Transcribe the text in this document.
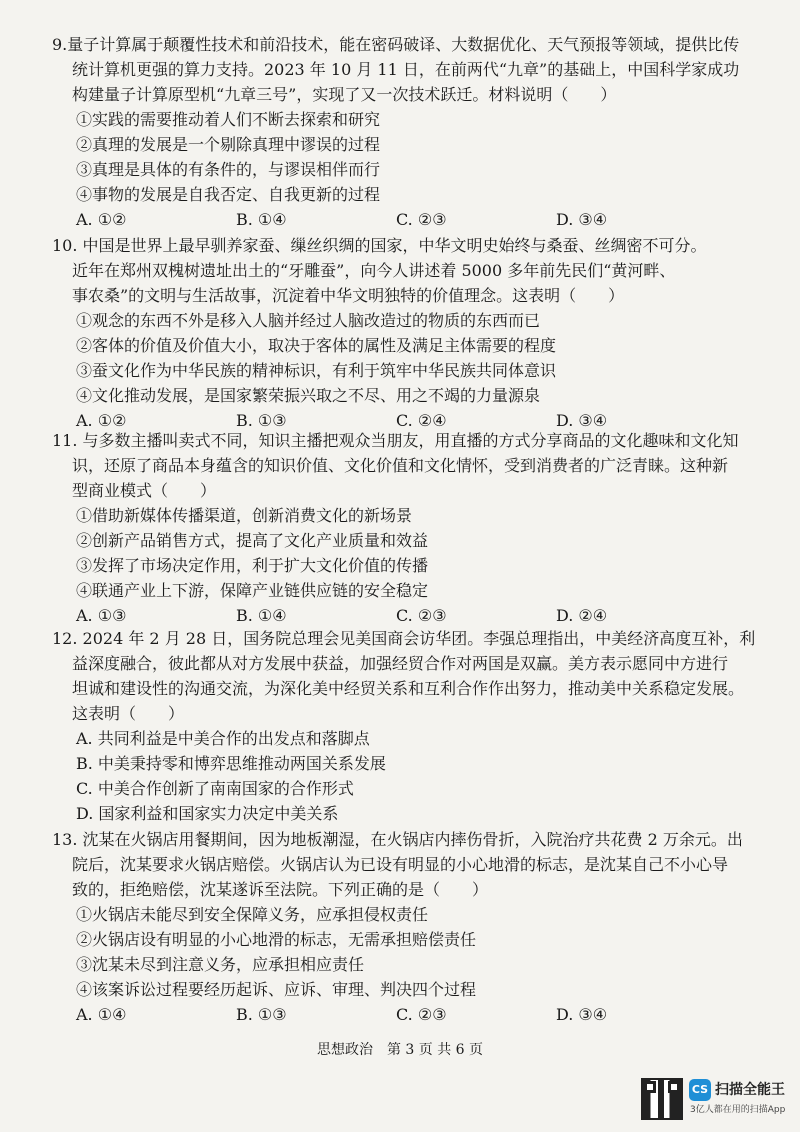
9.量子计算属于颠覆性技术和前沿技术，能在密码破译、大数据优化、天气预报等领域，提供比传
统计算机更强的算力支持。2023 年 10 月 11 日，在前两代“九章”的基础上，中国科学家成功
构建量子计算原型机“九章三号”，实现了又一次技术跃迁。材料说明（　　）
①实践的需要推动着人们不断去探索和研究
②真理的发展是一个剔除真理中谬误的过程
③真理是具体的有条件的，与谬误相伴而行
④事物的发展是自我否定、自我更新的过程
A. ①②	B. ①④	C. ②③	D. ③④
10. 中国是世界上最早驯养家蚕、缫丝织绸的国家，中华文明史始终与桑蚕、丝绸密不可分。
近年在郑州双槐树遗址出土的“牙雕蚕”，向今人讲述着 5000 多年前先民们“黄河畔、
事农桑”的文明与生活故事，沉淀着中华文明独特的价值理念。这表明（　　）
①观念的东西不外是移入人脑并经过人脑改造过的物质的东西而已
②客体的价值及价值大小，取决于客体的属性及满足主体需要的程度
③蚕文化作为中华民族的精神标识，有利于筑牢中华民族共同体意识
④文化推动发展，是国家繁荣振兴取之不尽、用之不竭的力量源泉
A. ①②	B. ①③	C. ②④	D. ③④
11. 与多数主播叫卖式不同，知识主播把观众当朋友，用直播的方式分享商品的文化趣味和文化知
识，还原了商品本身蕴含的知识价值、文化价值和文化情怀，受到消费者的广泛青睐。这种新
型商业模式（　　）
①借助新媒体传播渠道，创新消费文化的新场景
②创新产品销售方式，提高了文化产业质量和效益
③发挥了市场决定作用，利于扩大文化价值的传播
④联通产业上下游，保障产业链供应链的安全稳定
A. ①③	B. ①④	C. ②③	D. ②④
12. 2024 年 2 月 28 日，国务院总理会见美国商会访华团。李强总理指出，中美经济高度互补，利
益深度融合，彼此都从对方发展中获益，加强经贸合作对两国是双赢。美方表示愿同中方进行
坦诚和建设性的沟通交流，为深化美中经贸关系和互利合作作出努力，推动美中关系稳定发展。
这表明（　　）
A. 共同利益是中美合作的出发点和落脚点
B. 中美秉持零和博弈思维推动两国关系发展
C. 中美合作创新了南南国家的合作形式
D. 国家利益和国家实力决定中美关系
13. 沈某在火锅店用餐期间，因为地板潮湿，在火锅店内摔伤骨折，入院治疗共花费 2 万余元。出
院后，沈某要求火锅店赔偿。火锅店认为已设有明显的小心地滑的标志，是沈某自己不小心导
致的，拒绝赔偿，沈某遂诉至法院。下列正确的是（　　）
①火锅店未能尽到安全保障义务，应承担侵权责任
②火锅店设有明显的小心地滑的标志，无需承担赔偿责任
③沈某未尽到注意义务，应承担相应责任
④该案诉讼过程要经历起诉、应诉、审理、判决四个过程
A. ①④	B. ①③	C. ②③	D. ③④
思想政治　第 3 页 共 6 页
CS 扫描全能王
3亿人都在用的扫描App
